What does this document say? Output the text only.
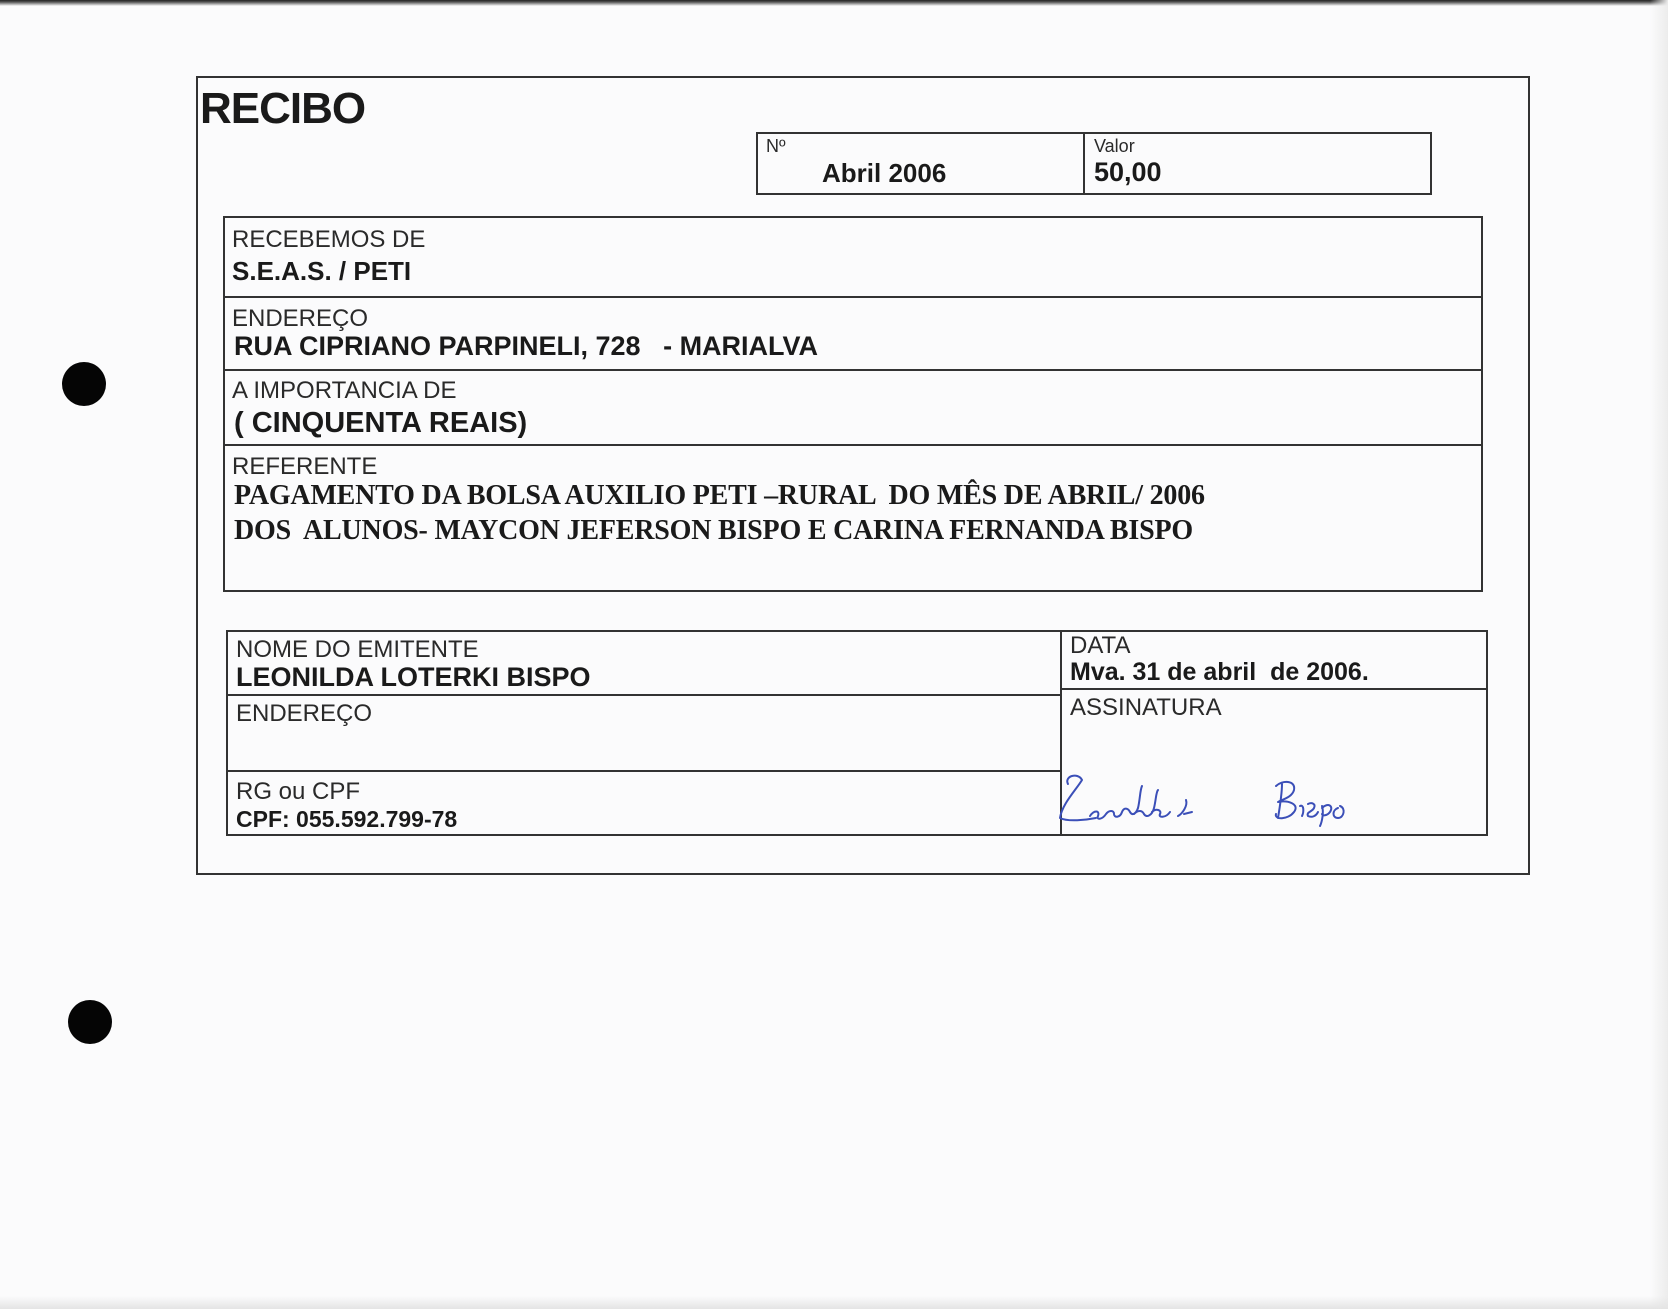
RECIBO
Nº
Abril 2006
Valor
50,00
RECEBEMOS DE
S.E.A.S. / PETI
ENDEREÇO
RUA CIPRIANO PARPINELI, 728   - MARIALVA
A IMPORTANCIA DE
( CINQUENTA REAIS)
REFERENTE
PAGAMENTO DA BOLSA AUXILIO PETI –RURAL  DO MÊS DE ABRIL/ 2006
DOS  ALUNOS- MAYCON JEFERSON BISPO E CARINA FERNANDA BISPO
NOME DO EMITENTE
LEONILDA LOTERKI BISPO
ENDEREÇO
RG ou CPF
CPF: 055.592.799-78
DATA
Mva. 31 de abril  de 2006.
ASSINATURA
